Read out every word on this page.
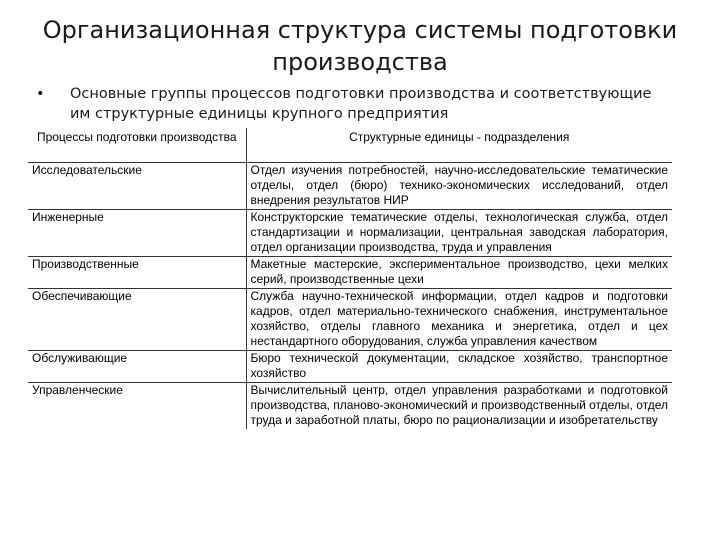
Организационная структура системы подготовки производства
•	Основные группы процессов подготовки производства и соответствующие им структурные единицы крупного предприятия
Процессы подготовки производства	Структурные единицы - подразделения
Исследовательские	Отдел изучения потребностей, научно-исследовательские тематические отделы, отдел (бюро) технико-экономических исследований, отдел внедрения результатов НИР
Инженерные	Конструкторские тематические отделы, технологическая служба, отдел стандартизации и нормализации, центральная заводская лаборатория, отдел организации производства, труда и управления
Производственные	Макетные мастерские, экспериментальное производство, цехи мелких серий, производственные цехи
Обеспечивающие	Служба научно-технической информации, отдел кадров и подготовки кадров, отдел материально-технического снабжения, инструментальное хозяйство, отделы главного механика и энергетика, отдел и цех нестандартного оборудования, служба управления качеством
Обслуживающие	Бюро технической документации, складское хозяйство, транспортное хозяйство
Управленческие	Вычислительный центр, отдел управления разработками и подготовкой производства, планово-экономический и производственный отделы, отдел труда и заработной платы, бюро по рационализации и изобретательству
